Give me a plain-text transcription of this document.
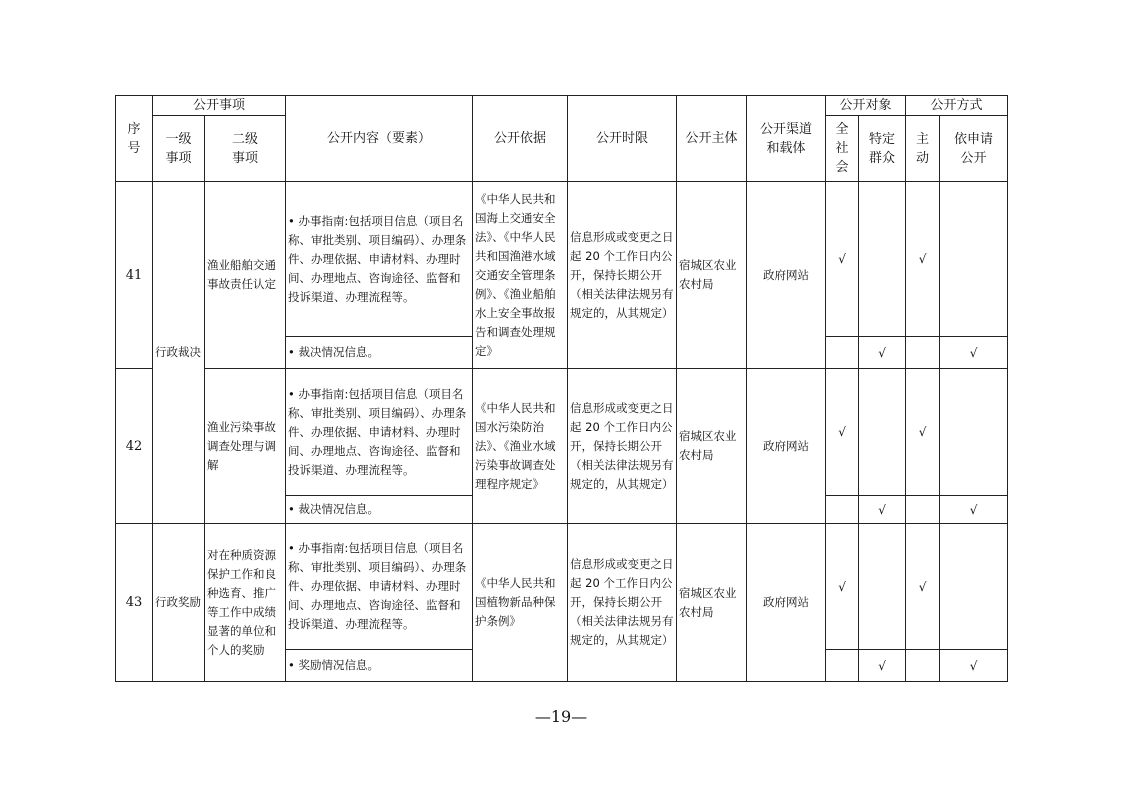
序号	公开事项		公开内容（要素）	公开依据	公开时限	公开主体	公开渠道和载体	公开对象		公开方式	
	一级事项	二级事项						全社会	特定群众	主动	依申请公开
41	行政裁决	渔业船舶交通事故责任认定	• 办事指南:包括项目信息（项目名称、审批类别、项目编码）、办理条件、办理依据、申请材料、办理时间、办理地点、咨询途径、监督和投诉渠道、办理流程等。	《中华人民共和国海上交通安全法》、《中华人民共和国渔港水域交通安全管理条例》、《渔业船舶水上安全事故报告和调查处理规定》	信息形成或变更之日起 20 个工作日内公开，保持长期公开（相关法律法规另有规定的，从其规定）	宿城区农业农村局	政府网站	√		√	
			• 裁决情况信息。						√		√
42		渔业污染事故调查处理与调解	• 办事指南:包括项目信息（项目名称、审批类别、项目编码）、办理条件、办理依据、申请材料、办理时间、办理地点、咨询途径、监督和投诉渠道、办理流程等。	《中华人民共和国水污染防治法》、《渔业水域污染事故调查处理程序规定》	信息形成或变更之日起 20 个工作日内公开，保持长期公开（相关法律法规另有规定的，从其规定）	宿城区农业农村局	政府网站	√		√	
			• 裁决情况信息。						√		√
43	行政奖励	对在种质资源保护工作和良种选育、推广等工作中成绩显著的单位和个人的奖励	• 办事指南:包括项目信息（项目名称、审批类别、项目编码）、办理条件、办理依据、申请材料、办理时间、办理地点、咨询途径、监督和投诉渠道、办理流程等。	《中华人民共和国植物新品种保护条例》	信息形成或变更之日起 20 个工作日内公开，保持长期公开（相关法律法规另有规定的，从其规定）	宿城区农业农村局	政府网站	√		√	
			• 奖励情况信息。						√		√
—19—
